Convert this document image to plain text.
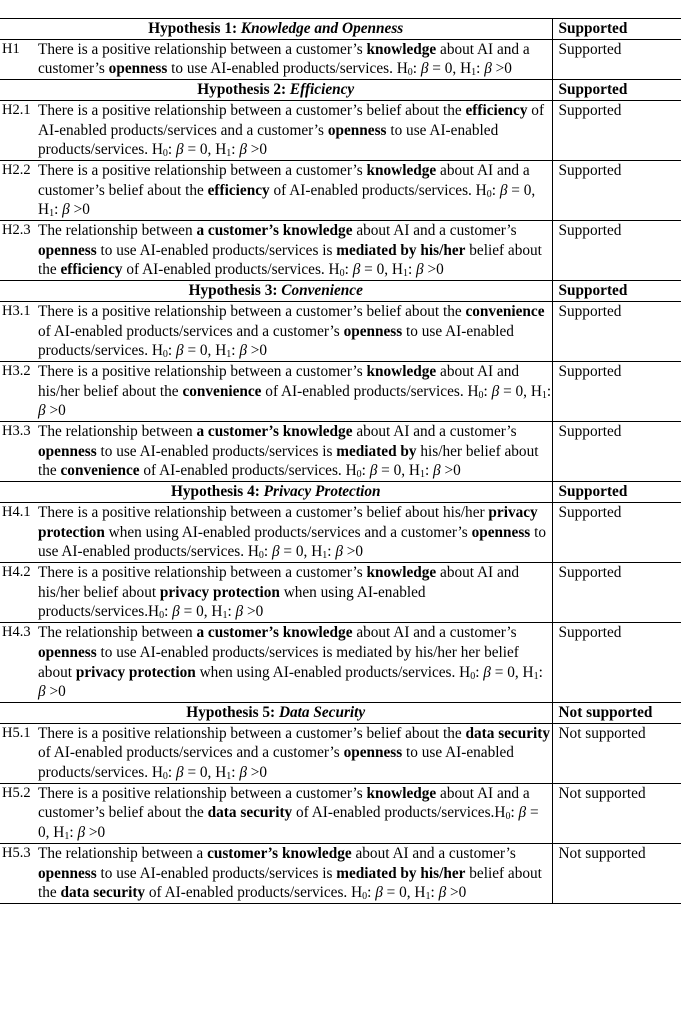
Hypothesis 1: Knowledge and Openness	Supported

H1 There is a positive relationship between a customer’s knowledge about AI and a customer’s openness to use AI-enabled products/services. $H_0$: β = 0, $H_1$: β >0	Supported
Hypothesis 2: Efficiency	Supported

H2.1 There is a positive relationship between a customer’s belief about the efficiency of AI-enabled products/services and a customer’s openness to use AI-enabled products/services. $H_0$: β = 0, $H_1$: β >0	Supported

H2.2 There is a positive relationship between a customer’s knowledge about AI and a customer’s belief about the efficiency of AI-enabled products/services. $H_0$: β = 0, $H_1$: β >0	Supported

H2.3 The relationship between a customer’s knowledge about AI and a customer’s openness to use AI-enabled products/services is mediated by his/her belief about the efficiency of AI-enabled products/services. $H_0$: β = 0, $H_1$: β >0	Supported
Hypothesis 3: Convenience	Supported

H3.1 There is a positive relationship between a customer’s belief about the convenience of AI-enabled products/services and a customer’s openness to use AI-enabled products/services. $H_0$: β = 0, $H_1$: β >0	Supported

H3.2 There is a positive relationship between a customer’s knowledge about AI and his/her belief about the convenience of AI-enabled products/services. $H_0$: β = 0, $H_1$: β >0	Supported

H3.3 The relationship between a customer’s knowledge about AI and a customer’s openness to use AI-enabled products/services is mediated by his/her belief about the convenience of AI-enabled products/services. $H_0$: β = 0, $H_1$: β >0	Supported
Hypothesis 4: Privacy Protection	Supported

H4.1 There is a positive relationship between a customer’s belief about his/her privacy protection when using AI-enabled products/services and a customer’s openness to use AI-enabled products/services. $H_0$: β = 0, $H_1$: β >0	Supported

H4.2 There is a positive relationship between a customer’s knowledge about AI and his/her belief about privacy protection when using AI-enabled products/$services.H_0$: β = 0, $H_1$: β >0	Supported

H4.3 The relationship between a customer’s knowledge about AI and a customer’s openness to use AI-enabled products/services is mediated by his/her her belief about privacy protection when using AI-enabled products/services. $H_0$: β = 0, $H_1$: β >0	Supported
Hypothesis 5: Data Security	Not supported

H5.1 There is a positive relationship between a customer’s belief about the data security of AI-enabled products/services and a customer’s openness to use AI-enabled products/services. $H_0$: β = 0, $H_1$: β >0	Not supported

H5.2 There is a positive relationship between a customer’s knowledge about AI and a customer’s belief about the data security of AI-enabled products/$services.H_0$: β = 0, $H_1$: β >0	Not supported

H5.3 The relationship between a customer’s knowledge about AI and a customer’s openness to use AI-enabled products/services is mediated by his/her belief about the data security of AI-enabled products/services. $H_0$: β = 0, $H_1$: β >0	Not supported
